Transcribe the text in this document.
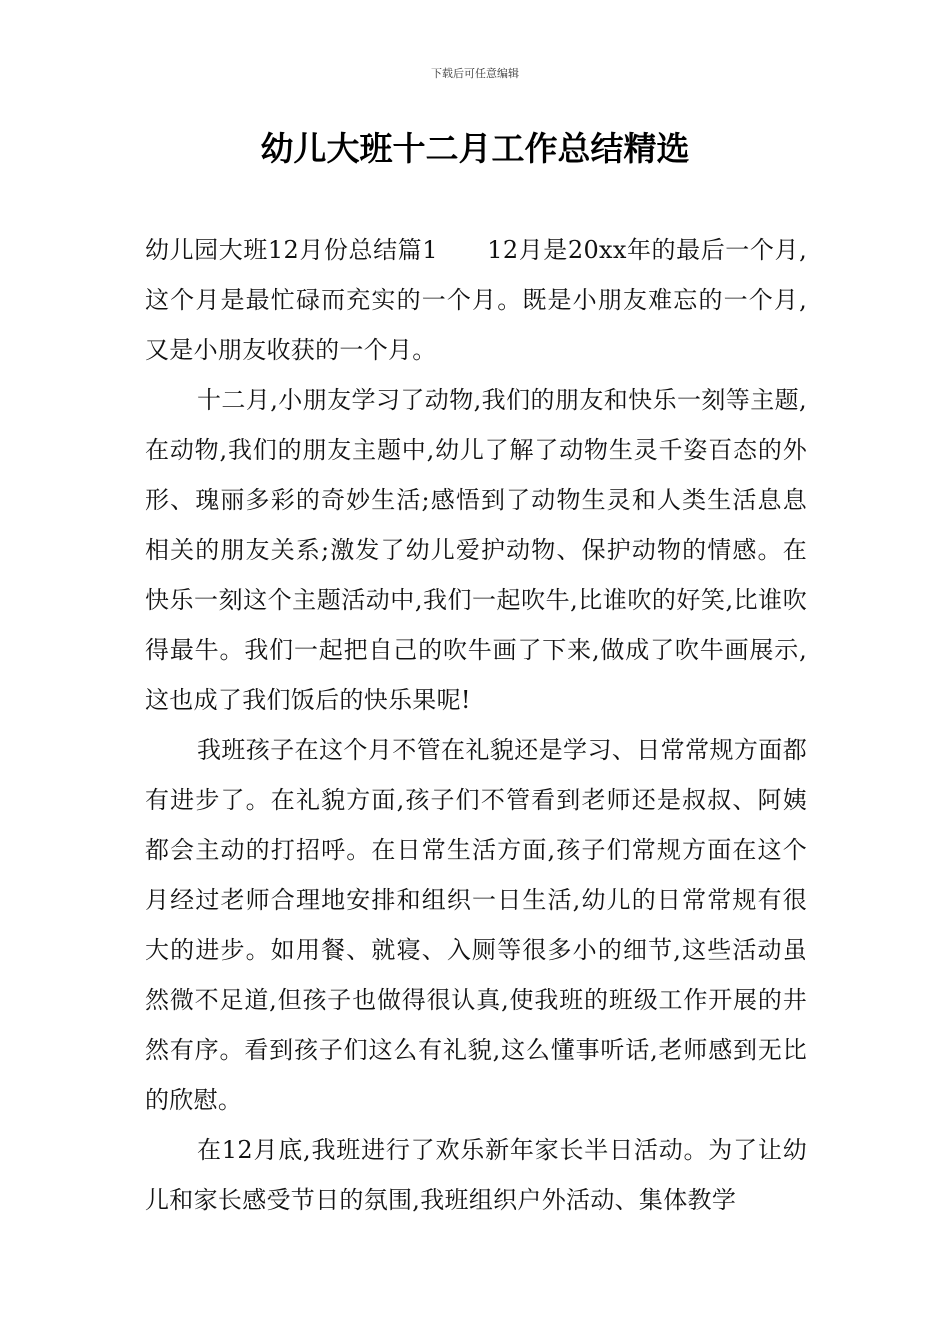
下载后可任意编辑
幼儿大班十二月工作总结精选

幼儿园大班12月份总结篇1　　12月是20xx年的最后一个月,这个月是最忙碌而充实的一个月。既是小朋友难忘的一个月,又是小朋友收获的一个月。

十二月,小朋友学习了动物,我们的朋友和快乐一刻等主题,在动物,我们的朋友主题中,幼儿了解了动物生灵千姿百态的外形、瑰丽多彩的奇妙生活;感悟到了动物生灵和人类生活息息相关的朋友关系;激发了幼儿爱护动物、保护动物的情感。在快乐一刻这个主题活动中,我们一起吹牛,比谁吹的好笑,比谁吹得最牛。我们一起把自己的吹牛画了下来,做成了吹牛画展示,这也成了我们饭后的快乐果呢!

我班孩子在这个月不管在礼貌还是学习、日常常规方面都有进步了。在礼貌方面,孩子们不管看到老师还是叔叔、阿姨都会主动的打招呼。在日常生活方面,孩子们常规方面在这个月经过老师合理地安排和组织一日生活,幼儿的日常常规有很大的进步。如用餐、就寝、入厕等很多小的细节,这些活动虽然微不足道,但孩子也做得很认真,使我班的班级工作开展的井然有序。看到孩子们这么有礼貌,这么懂事听话,老师感到无比的欣慰。

在12月底,我班进行了欢乐新年家长半日活动。为了让幼儿和家长感受节日的氛围,我班组织户外活动、集体教学
